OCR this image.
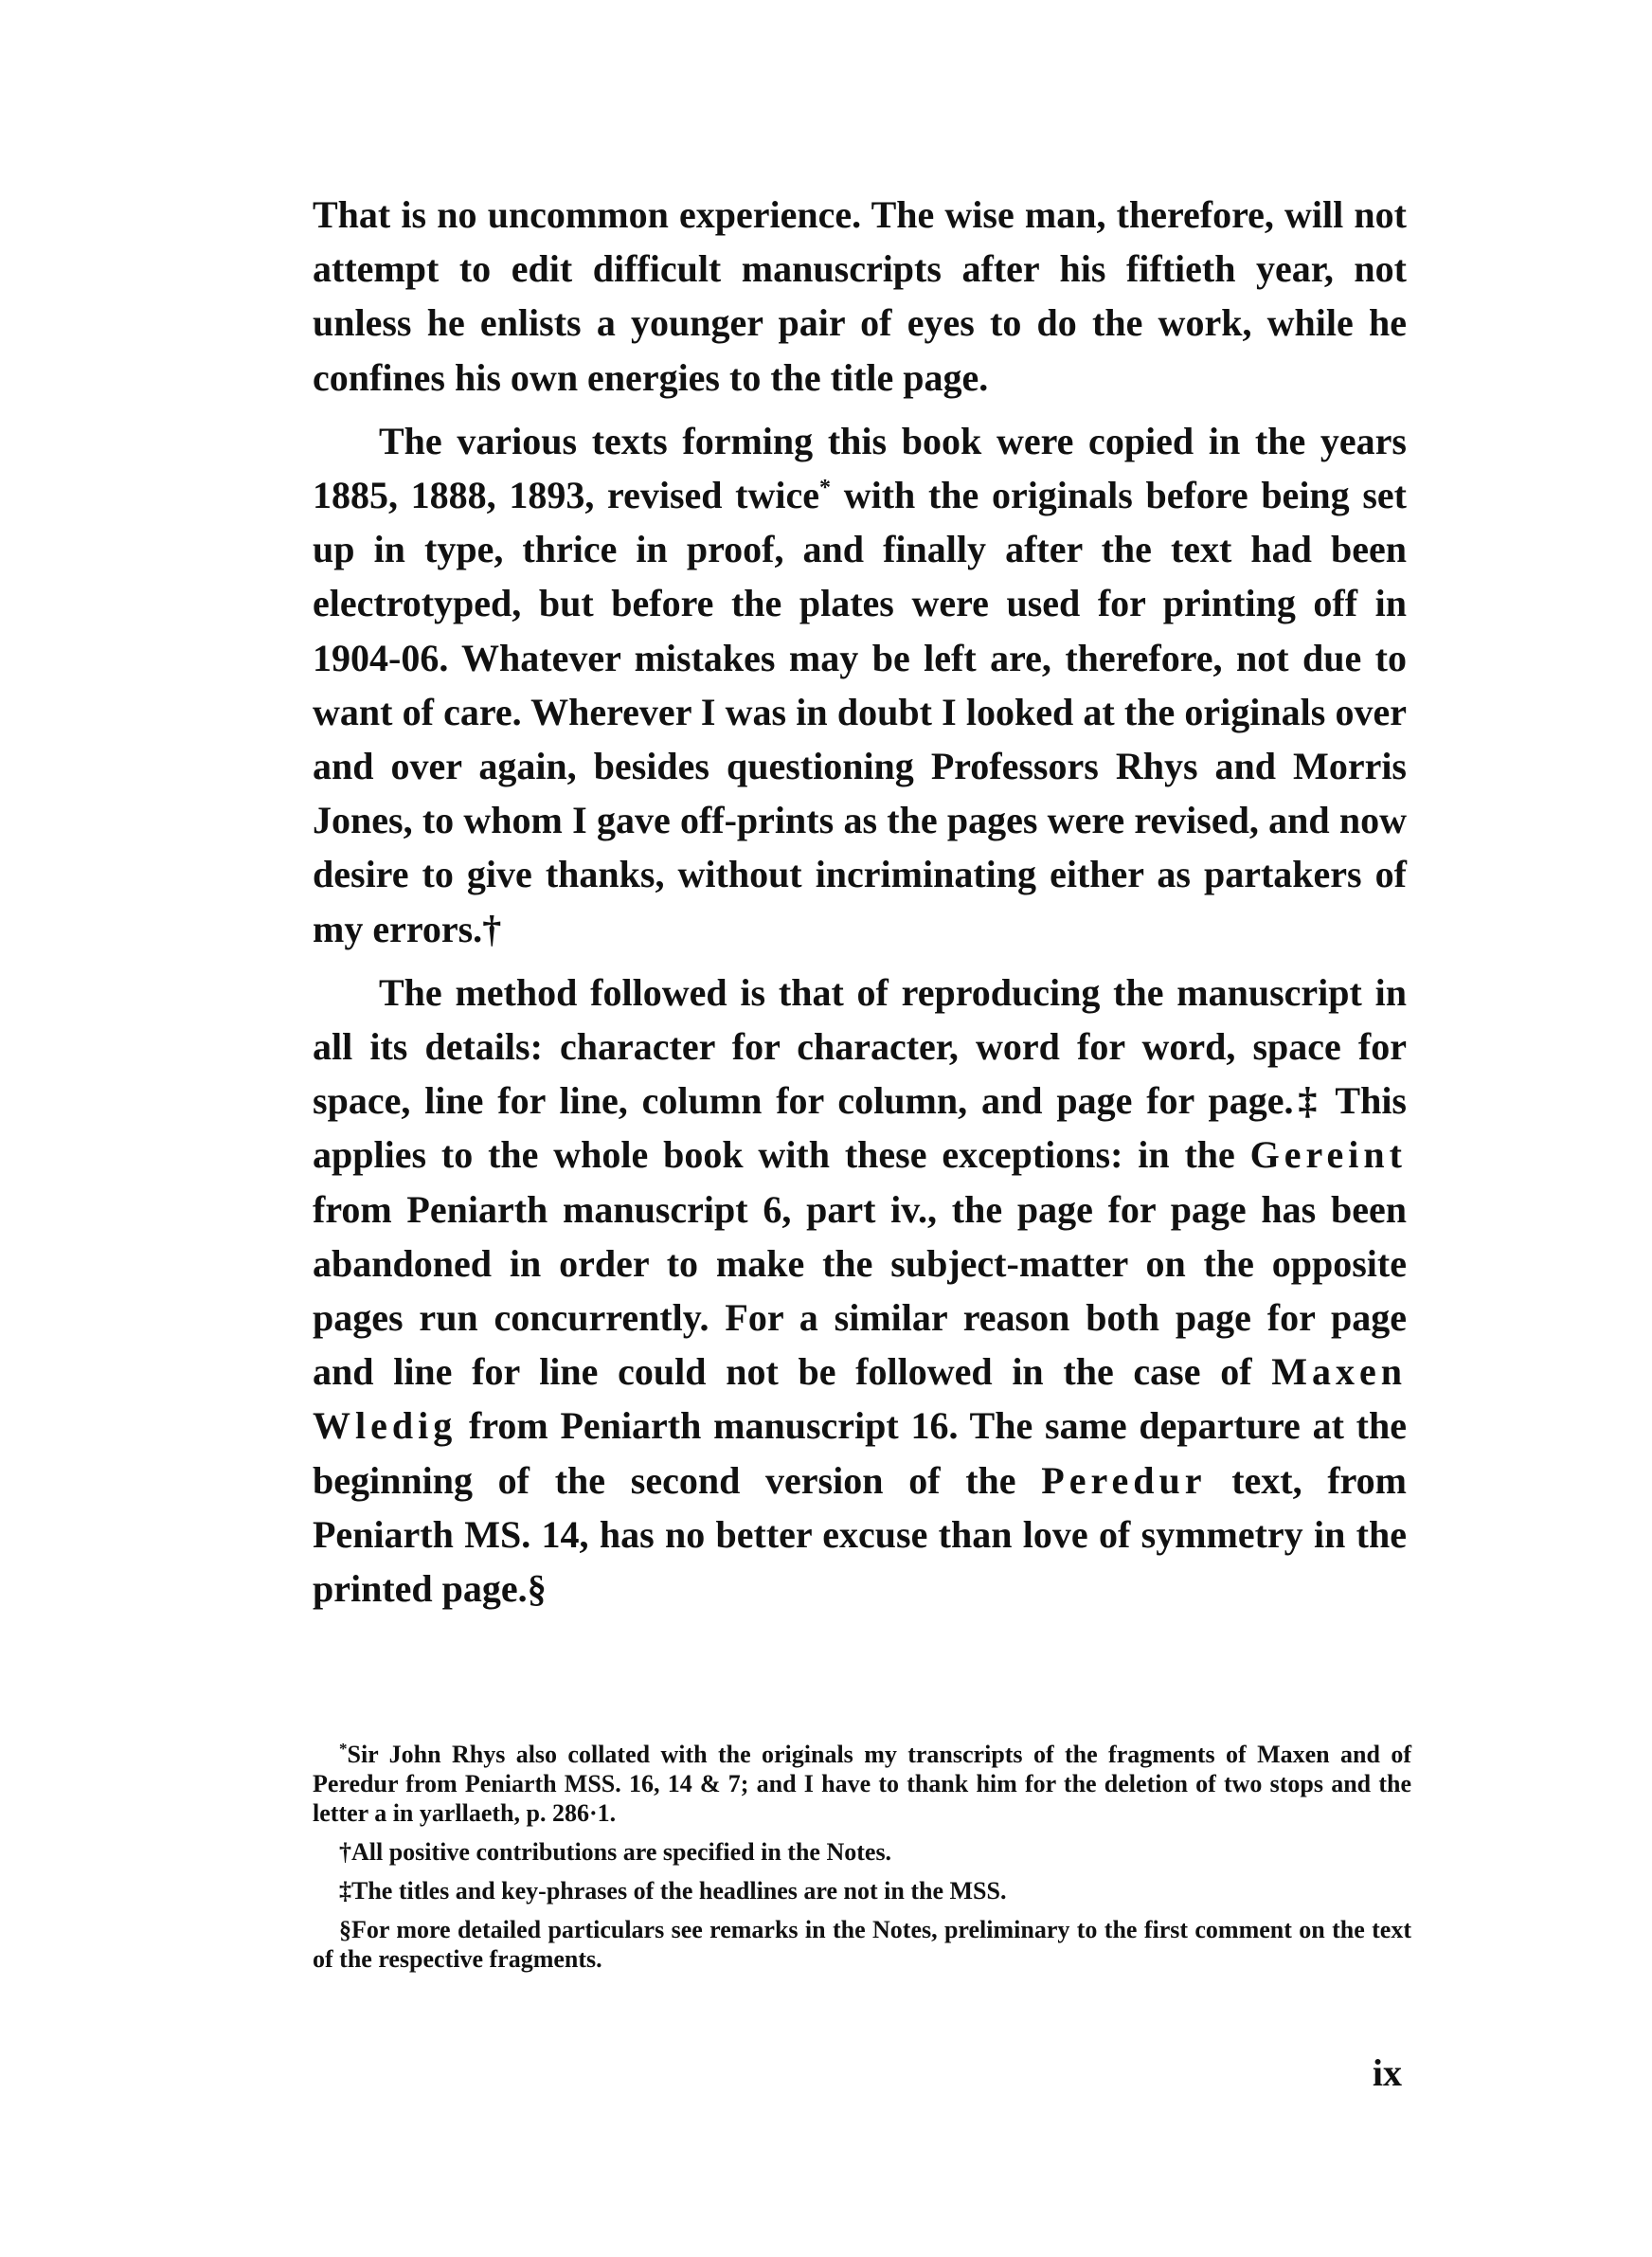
That is no uncommon experience. The wise man, therefore, will not attempt to edit difficult manuscripts after his fiftieth year, not unless he enlists a younger pair of eyes to do the work, while he confines his own energies to the title page.

The various texts forming this book were copied in the years 1885, 1888, 1893, revised twice* with the originals before being set up in type, thrice in proof, and finally after the text had been electrotyped, but before the plates were used for printing off in 1904-06. Whatever mistakes may be left are, therefore, not due to want of care. Wherever I was in doubt I looked at the originals over and over again, besides questioning Professors Rhys and Morris Jones, to whom I gave off-prints as the pages were revised, and now desire to give thanks, without incriminating either as partakers of my errors.†

The method followed is that of reproducing the manuscript in all its details: character for character, word for word, space for space, line for line, column for column, and page for page.‡ This applies to the whole book with these exceptions: in the Gereint from Peniarth manuscript 6, part iv., the page for page has been abandoned in order to make the subject-matter on the opposite pages run concurrently. For a similar reason both page for page and line for line could not be followed in the case of Maxen Wledig from Peniarth manuscript 16. The same departure at the beginning of the second version of the Peredur text, from Peniarth MS. 14, has no better excuse than love of symmetry in the printed page.§

*Sir John Rhys also collated with the originals my transcripts of the fragments of Maxen and of Peredur from Peniarth MSS. 16, 14 & 7; and I have to thank him for the deletion of two stops and the letter a in yarllaeth, p. 286·1.

†All positive contributions are specified in the Notes.

‡The titles and key-phrases of the headlines are not in the MSS.

§For more detailed particulars see remarks in the Notes, preliminary to the first comment on the text of the respective fragments.

ix
